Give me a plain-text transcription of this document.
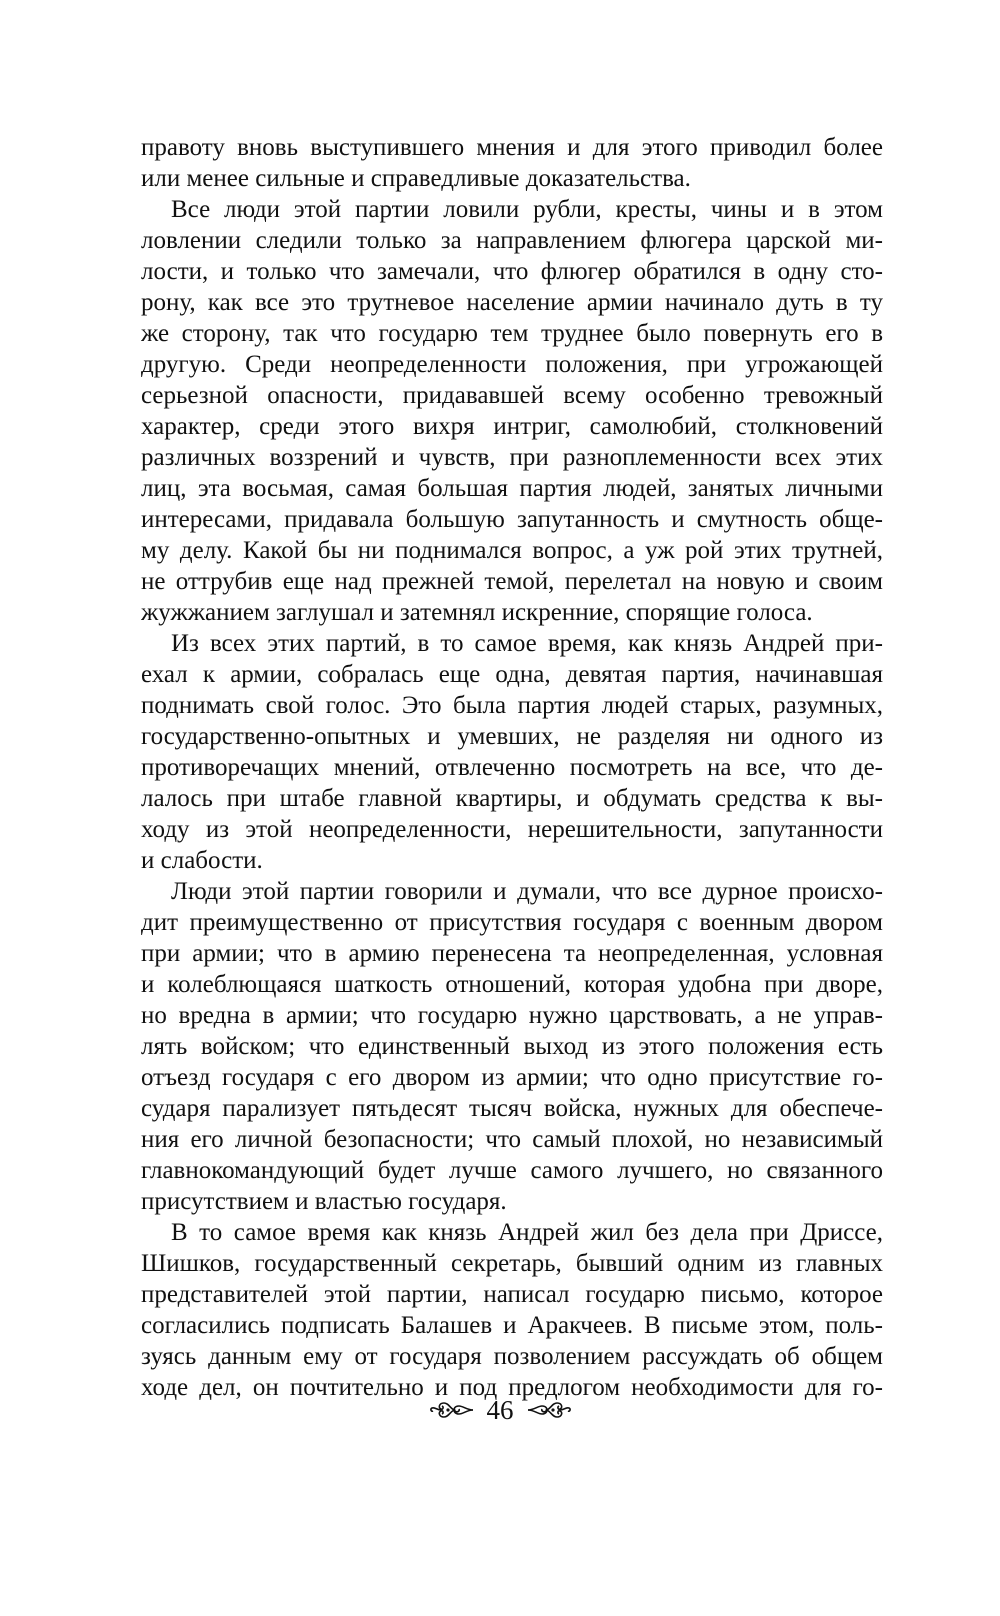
правоту вновь выступившего мнения и для этого приводил более
или менее сильные и справедливые доказательства.
Все люди этой партии ловили рубли, кресты, чины и в этом
ловлении следили только за направлением флюгера царской ми-
лости, и только что замечали, что флюгер обратился в одну сто-
рону, как все это трутневое население армии начинало дуть в ту
же сторону, так что государю тем труднее было повернуть его в
другую. Среди неопределенности положения, при угрожающей
серьезной опасности, придававшей всему особенно тревожный
характер, среди этого вихря интриг, самолюбий, столкновений
различных воззрений и чувств, при разноплеменности всех этих
лиц, эта восьмая, самая большая партия людей, занятых личными
интересами, придавала большую запутанность и смутность обще-
му делу. Какой бы ни поднимался вопрос, а уж рой этих трутней,
не оттрубив еще над прежней темой, перелетал на новую и своим
жужжанием заглушал и затемнял искренние, спорящие голоса.
Из всех этих партий, в то самое время, как князь Андрей при-
ехал к армии, собралась еще одна, девятая партия, начинавшая
поднимать свой голос. Это была партия людей старых, разумных,
государственно-опытных и умевших, не разделяя ни одного из
противоречащих мнений, отвлеченно посмотреть на все, что де-
лалось при штабе главной квартиры, и обдумать средства к вы-
ходу из этой неопределенности, нерешительности, запутанности
и слабости.
Люди этой партии говорили и думали, что все дурное происхо-
дит преимущественно от присутствия государя с военным двором
при армии; что в армию перенесена та неопределенная, условная
и колеблющаяся шаткость отношений, которая удобна при дворе,
но вредна в армии; что государю нужно царствовать, а не управ-
лять войском; что единственный выход из этого положения есть
отъезд государя с его двором из армии; что одно присутствие го-
сударя парализует пятьдесят тысяч войска, нужных для обеспече-
ния его личной безопасности; что самый плохой, но независимый
главнокомандующий будет лучше самого лучшего, но связанного
присутствием и властью государя.
В то самое время как князь Андрей жил без дела при Дриссе,
Шишков, государственный секретарь, бывший одним из главных
представителей этой партии, написал государю письмо, которое
согласились подписать Балашев и Аракчеев. В письме этом, поль-
зуясь данным ему от государя позволением рассуждать об общем
ходе дел, он почтительно и под предлогом необходимости для го-
46
